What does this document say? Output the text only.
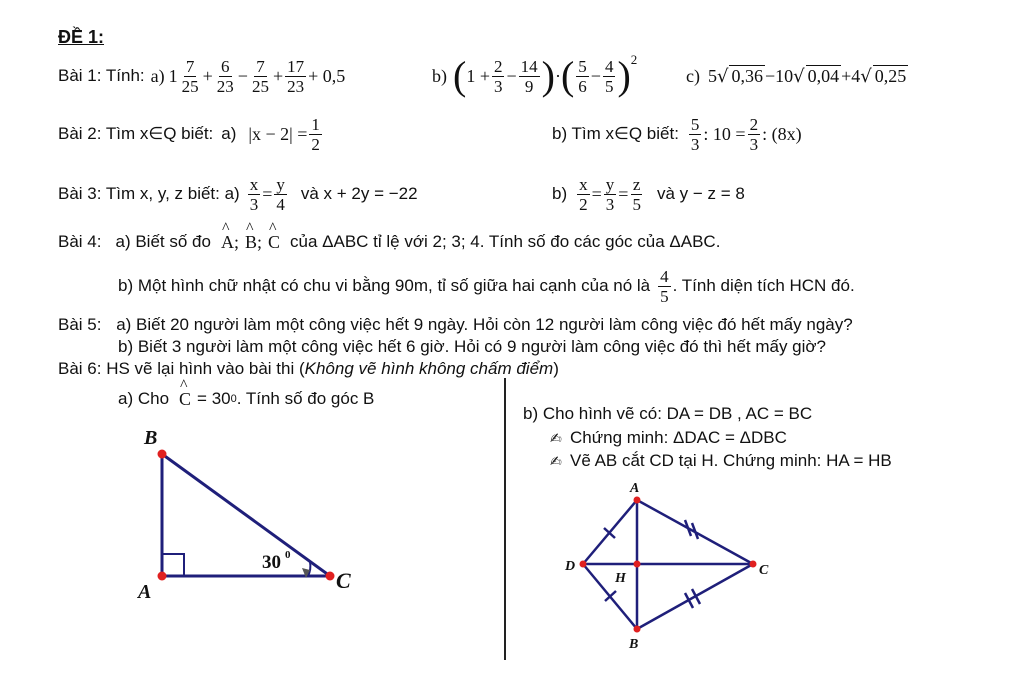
ĐỀ 1:
Bài 1: Tính: a) $1 \frac{7}{25} + \frac{6}{23} - \frac{7}{25} + \frac{17}{23} + 0,5$	b) ( $1 + \frac{2}{3} - \frac{14}{9}$ ) · ( $\frac{5}{6} - \frac{4}{5} )^2$
c) 5 √ 0,36 −10 √ 0,04 +4 √ 0,25
Bài 2: Tìm x∈Q biết: a) $|x - 2| = \frac{1}{2}$	b) Tìm x∈Q biết: $\frac{5}{3}$ : $10 = \frac{2}{3}$ : (8x)
Bài 3: Tìm x, y, z biết: $a) \frac{x}{3} = \frac{y}{4}$ và x + 2y = −22	$b) \frac{x}{2} = \frac{y}{3} = \frac{z}{5}$ và y − z = 8
Bài 4: a) Biết số đo ^ A ; ^ B ; ^ C của ΔABC tỉ lệ với 2; 3; 4. Tính số đo các góc của ΔABC.
b) Một hình chữ nhật có chu vi bằng 90m, tỉ số giữa hai cạnh của nó là $\frac{4}{5}$ . Tính diện tích HCN đó.
Bài 5: a) Biết 20 người làm một công việc hết 9 ngày. Hỏi còn 12 người làm công việc đó hết mấy ngày?
b) Biết 3 người làm một công việc hết 6 giờ. Hỏi có 9 người làm công việc đó thì hết mấy giờ?
Bài 6: HS vẽ lại hình vào bài thi (Không vẽ hình không chấm điểm)
a) Cho ^ C = 30 0 . Tính số đo góc B
b) Cho hình vẽ có: DA = DB , AC = BC
✍ Chứng minh: ΔDAC = ΔDBC
✍ Vẽ AB cắt CD tại H. Chứng minh: HA = HB
B
A	C
30 0
A
D	C
B
H
